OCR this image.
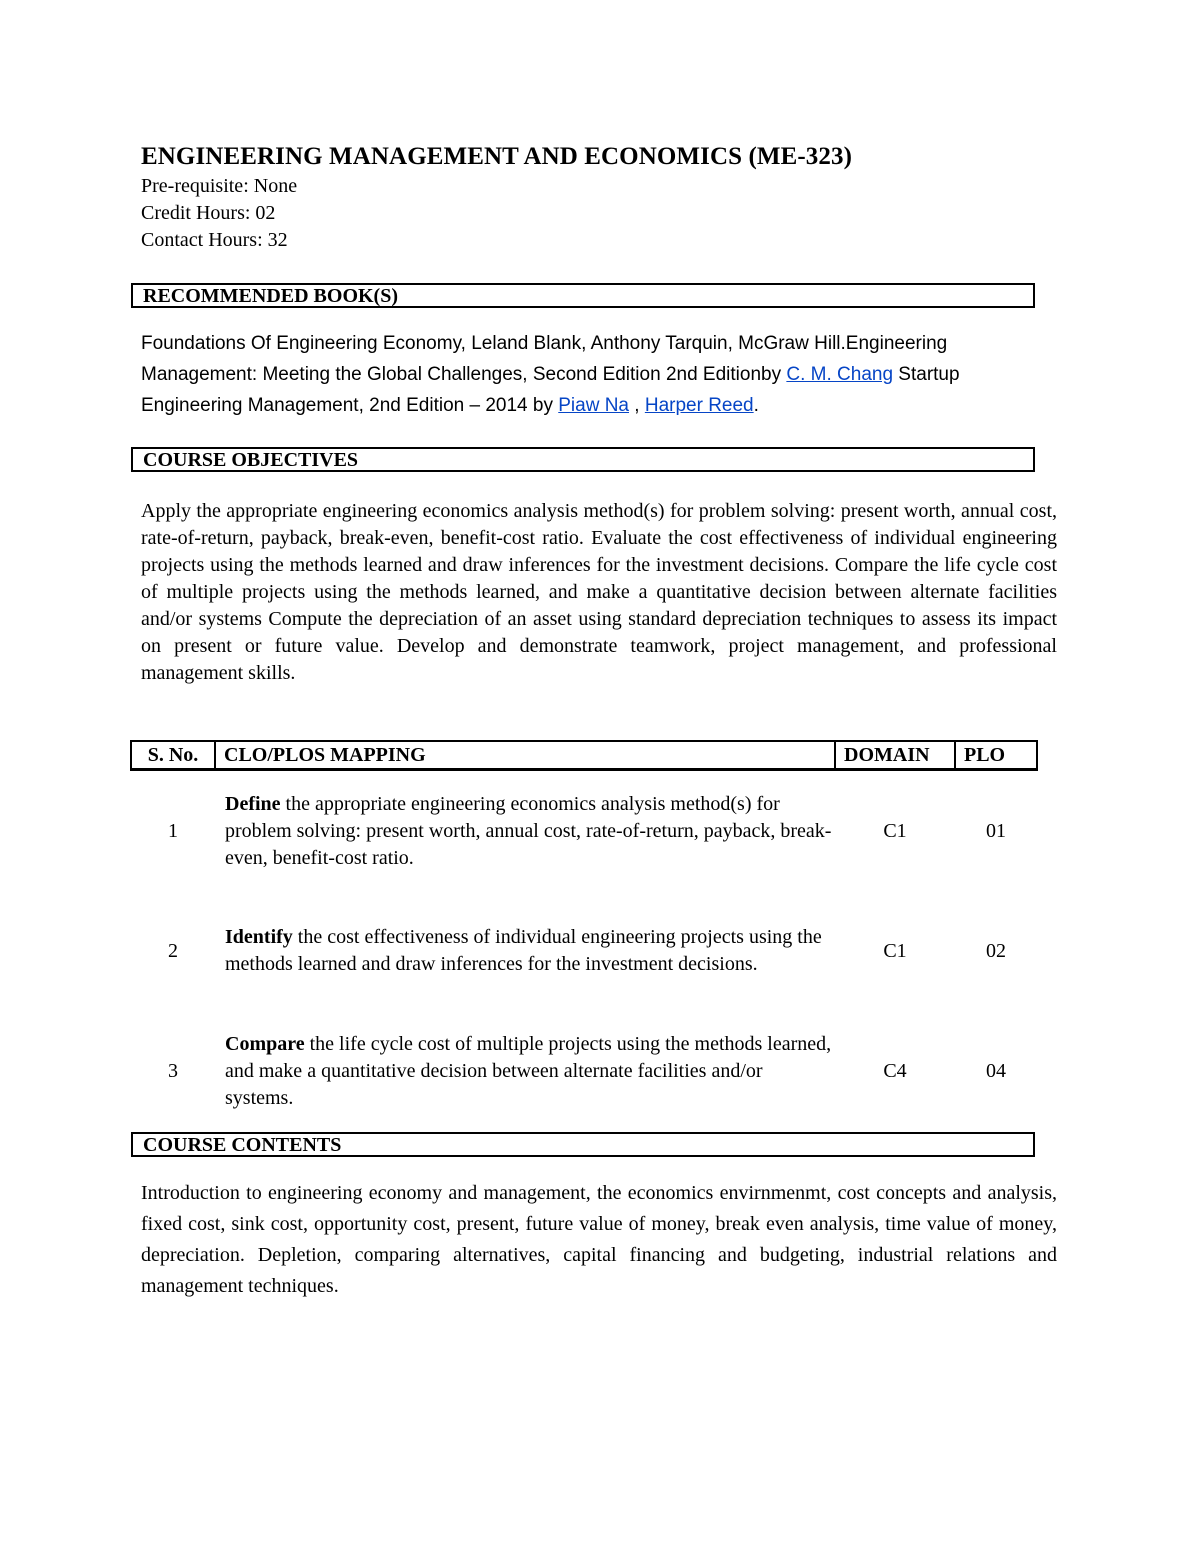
ENGINEERING MANAGEMENT AND ECONOMICS (ME-323)
Pre-requisite: None
Credit Hours: 02
Contact Hours: 32
RECOMMENDED BOOK(S)
Foundations Of Engineering Economy, Leland Blank, Anthony Tarquin, McGraw Hill.Engineering Management: Meeting the Global Challenges, Second Edition 2nd Editionby C. M. Chang Startup Engineering Management, 2nd Edition – 2014 by Piaw Na , Harper Reed.
COURSE OBJECTIVES
Apply the appropriate engineering economics analysis method(s) for problem solving: present worth, annual cost, rate-of-return, payback, break-even, benefit-cost ratio. Evaluate the cost effectiveness of individual engineering projects using the methods learned and draw inferences for the investment decisions. Compare the life cycle cost of multiple projects using the methods learned, and make a quantitative decision between alternate facilities and/or systems Compute the depreciation of an asset using standard depreciation techniques to assess its impact on present or future value. Develop and demonstrate teamwork, project management, and professional management skills.
S. No.	CLO/PLOS MAPPING	DOMAIN	PLO
1	Define the appropriate engineering economics analysis method(s) for problem solving: present worth, annual cost, rate-of-return, payback, break-even, benefit-cost ratio.	C1	01
2	Identify the cost effectiveness of individual engineering projects using the methods learned and draw inferences for the investment decisions.	C1	02
3	Compare the life cycle cost of multiple projects using the methods learned, and make a quantitative decision between alternate facilities and/or systems.	C4	04
COURSE CONTENTS
Introduction to engineering economy and management, the economics envirnmenmt, cost concepts and analysis, fixed cost, sink cost, opportunity cost, present, future value of money, break even analysis, time value of money, depreciation. Depletion, comparing alternatives, capital financing and budgeting, industrial relations and management techniques.
